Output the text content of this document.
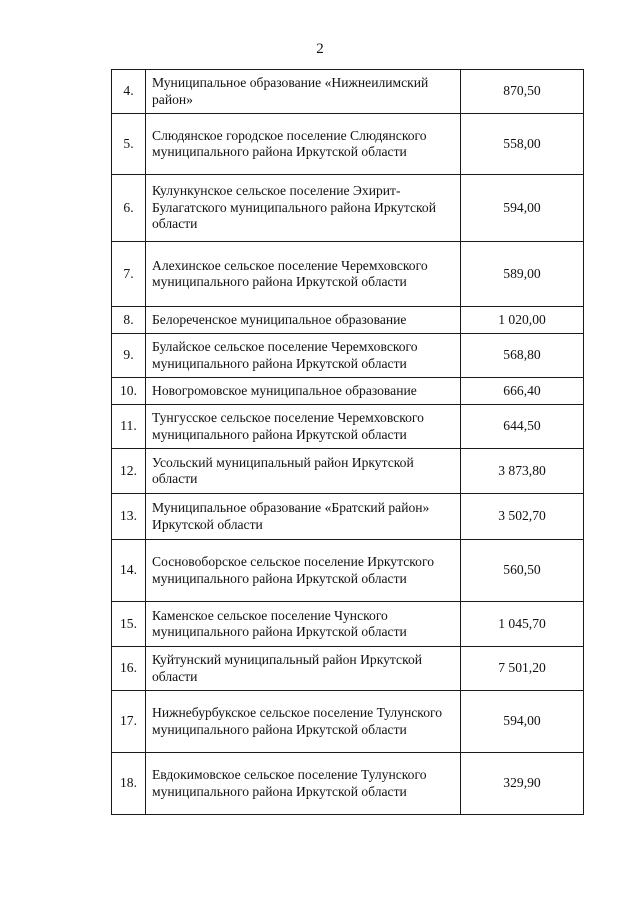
2
4.	Муниципальное образование «Нижнеилимский район»	870,50
5.	Слюдянское городское поселение Слюдянского муниципального района Иркутской области	558,00
6.	Кулункунское сельское поселение Эхирит-Булагатского муниципального района Иркутской области	594,00
7.	Алехинское сельское поселение Черемховского муниципального района Иркутской области	589,00
8.	Белореченское муниципальное образование	1 020,00
9.	Булайское сельское поселение Черемховского муниципального района Иркутской области	568,80
10.	Новогромовское муниципальное образование	666,40
11.	Тунгусское сельское поселение Черемховского муниципального района Иркутской области	644,50
12.	Усольский муниципальный район Иркутской области	3 873,80
13.	Муниципальное образование «Братский район» Иркутской области	3 502,70
14.	Сосновоборское сельское поселение Иркутского муниципального района Иркутской области	560,50
15.	Каменское сельское поселение Чунского муниципального района Иркутской области	1 045,70
16.	Куйтунский муниципальный район Иркутской области	7 501,20
17.	Нижнебурбукское сельское поселение Тулунского муниципального района Иркутской области	594,00
18.	Евдокимовское сельское поселение Тулунского муниципального района Иркутской области	329,90
